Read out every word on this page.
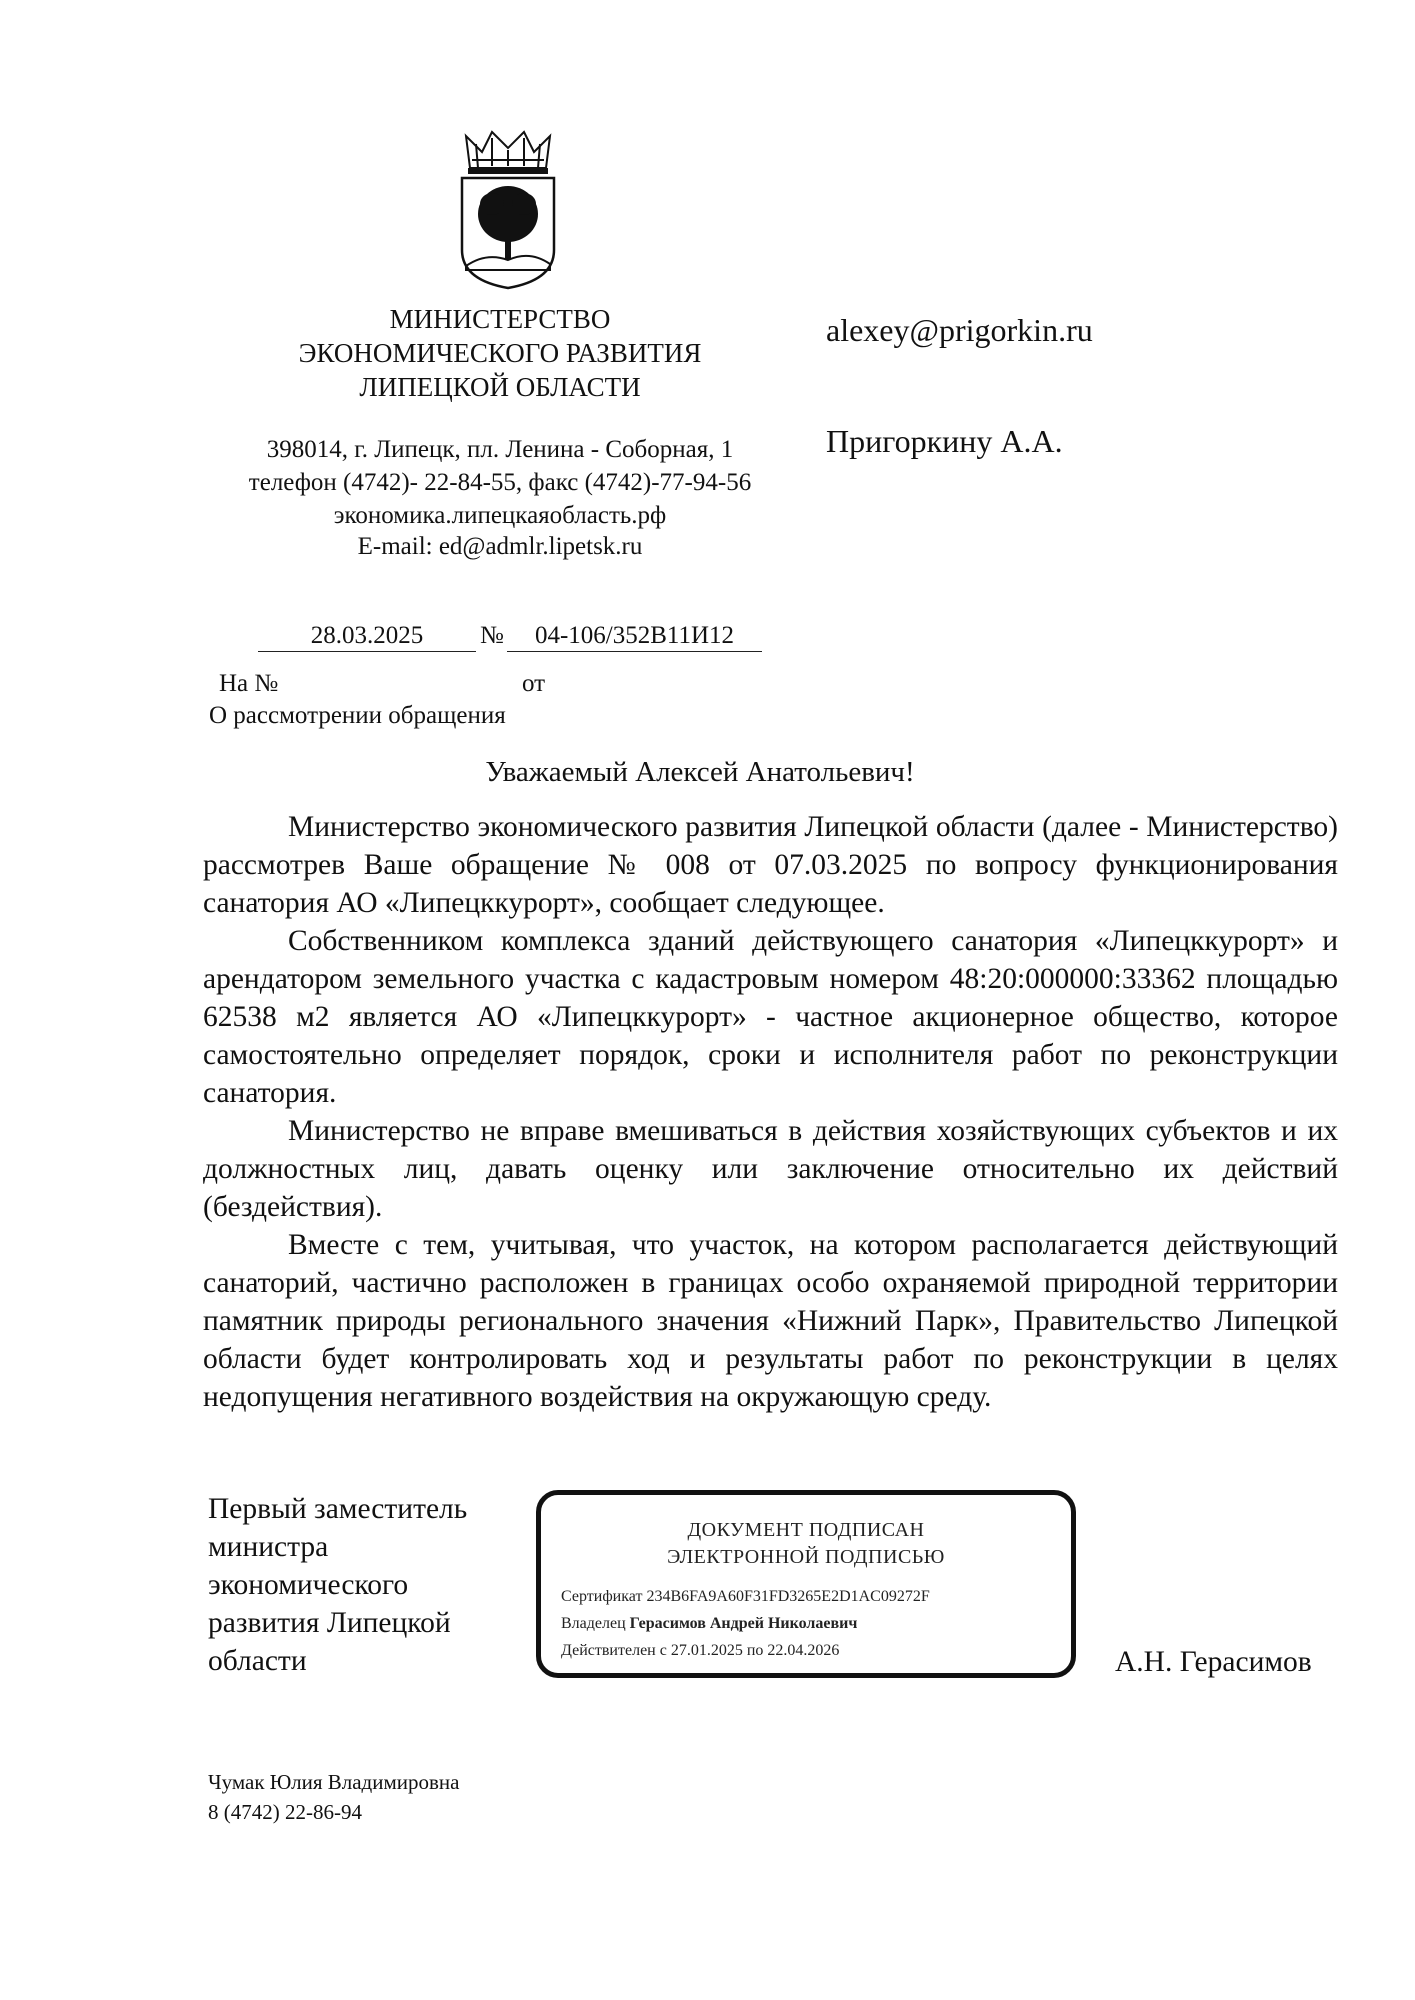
МИНИСТЕРСТВО
ЭКОНОМИЧЕСКОГО РАЗВИТИЯ
ЛИПЕЦКОЙ ОБЛАСТИ
398014, г. Липецк, пл. Ленина - Соборная, 1
телефон (4742)- 22-84-55, факс (4742)-77-94-56
экономика.липецкаяобласть.рф
E-mail: ed@admlr.lipetsk.ru
alexey@prigorkin.ru
Пригоркину А.А.
28.03.2025	№	04-106/352В11И12
На №	от
О рассмотрении обращения
Уважаемый Алексей Анатольевич!

Министерство экономического развития Липецкой области (далее - Министерство) рассмотрев Ваше обращение № 008 от 07.03.2025 по вопросу функционирования санатория АО «Липецккурорт», сообщает следующее.

Собственником комплекса зданий действующего санатория «Липецккурорт» и арендатором земельного участка с кадастровым номером 48:20:000000:33362 площадью 62538 м2 является АО «Липецккурорт» - частное акционерное общество, которое самостоятельно определяет порядок, сроки и исполнителя работ по реконструкции санатория.

Министерство не вправе вмешиваться в действия хозяйствующих субъектов и их должностных лиц, давать оценку или заключение относительно их действий (бездействия).

Вместе с тем, учитывая, что участок, на котором располагается действующий санаторий, частично расположен в границах особо охраняемой природной территории памятник природы регионального значения «Нижний Парк», Правительство Липецкой области будет контролировать ход и результаты работ по реконструкции в целях недопущения негативного воздействия на окружающую среду.

Первый заместитель
министра
экономического
развития Липецкой
области
ДОКУМЕНТ ПОДПИСАН
ЭЛЕКТРОННОЙ ПОДПИСЬЮ
Сертификат 234B6FA9A60F31FD3265E2D1AC09272F
Владелец Герасимов Андрей Николаевич
Действителен с 27.01.2025 по 22.04.2026	А.Н. Герасимов
Чумак Юлия Владимировна
8 (4742) 22-86-94
